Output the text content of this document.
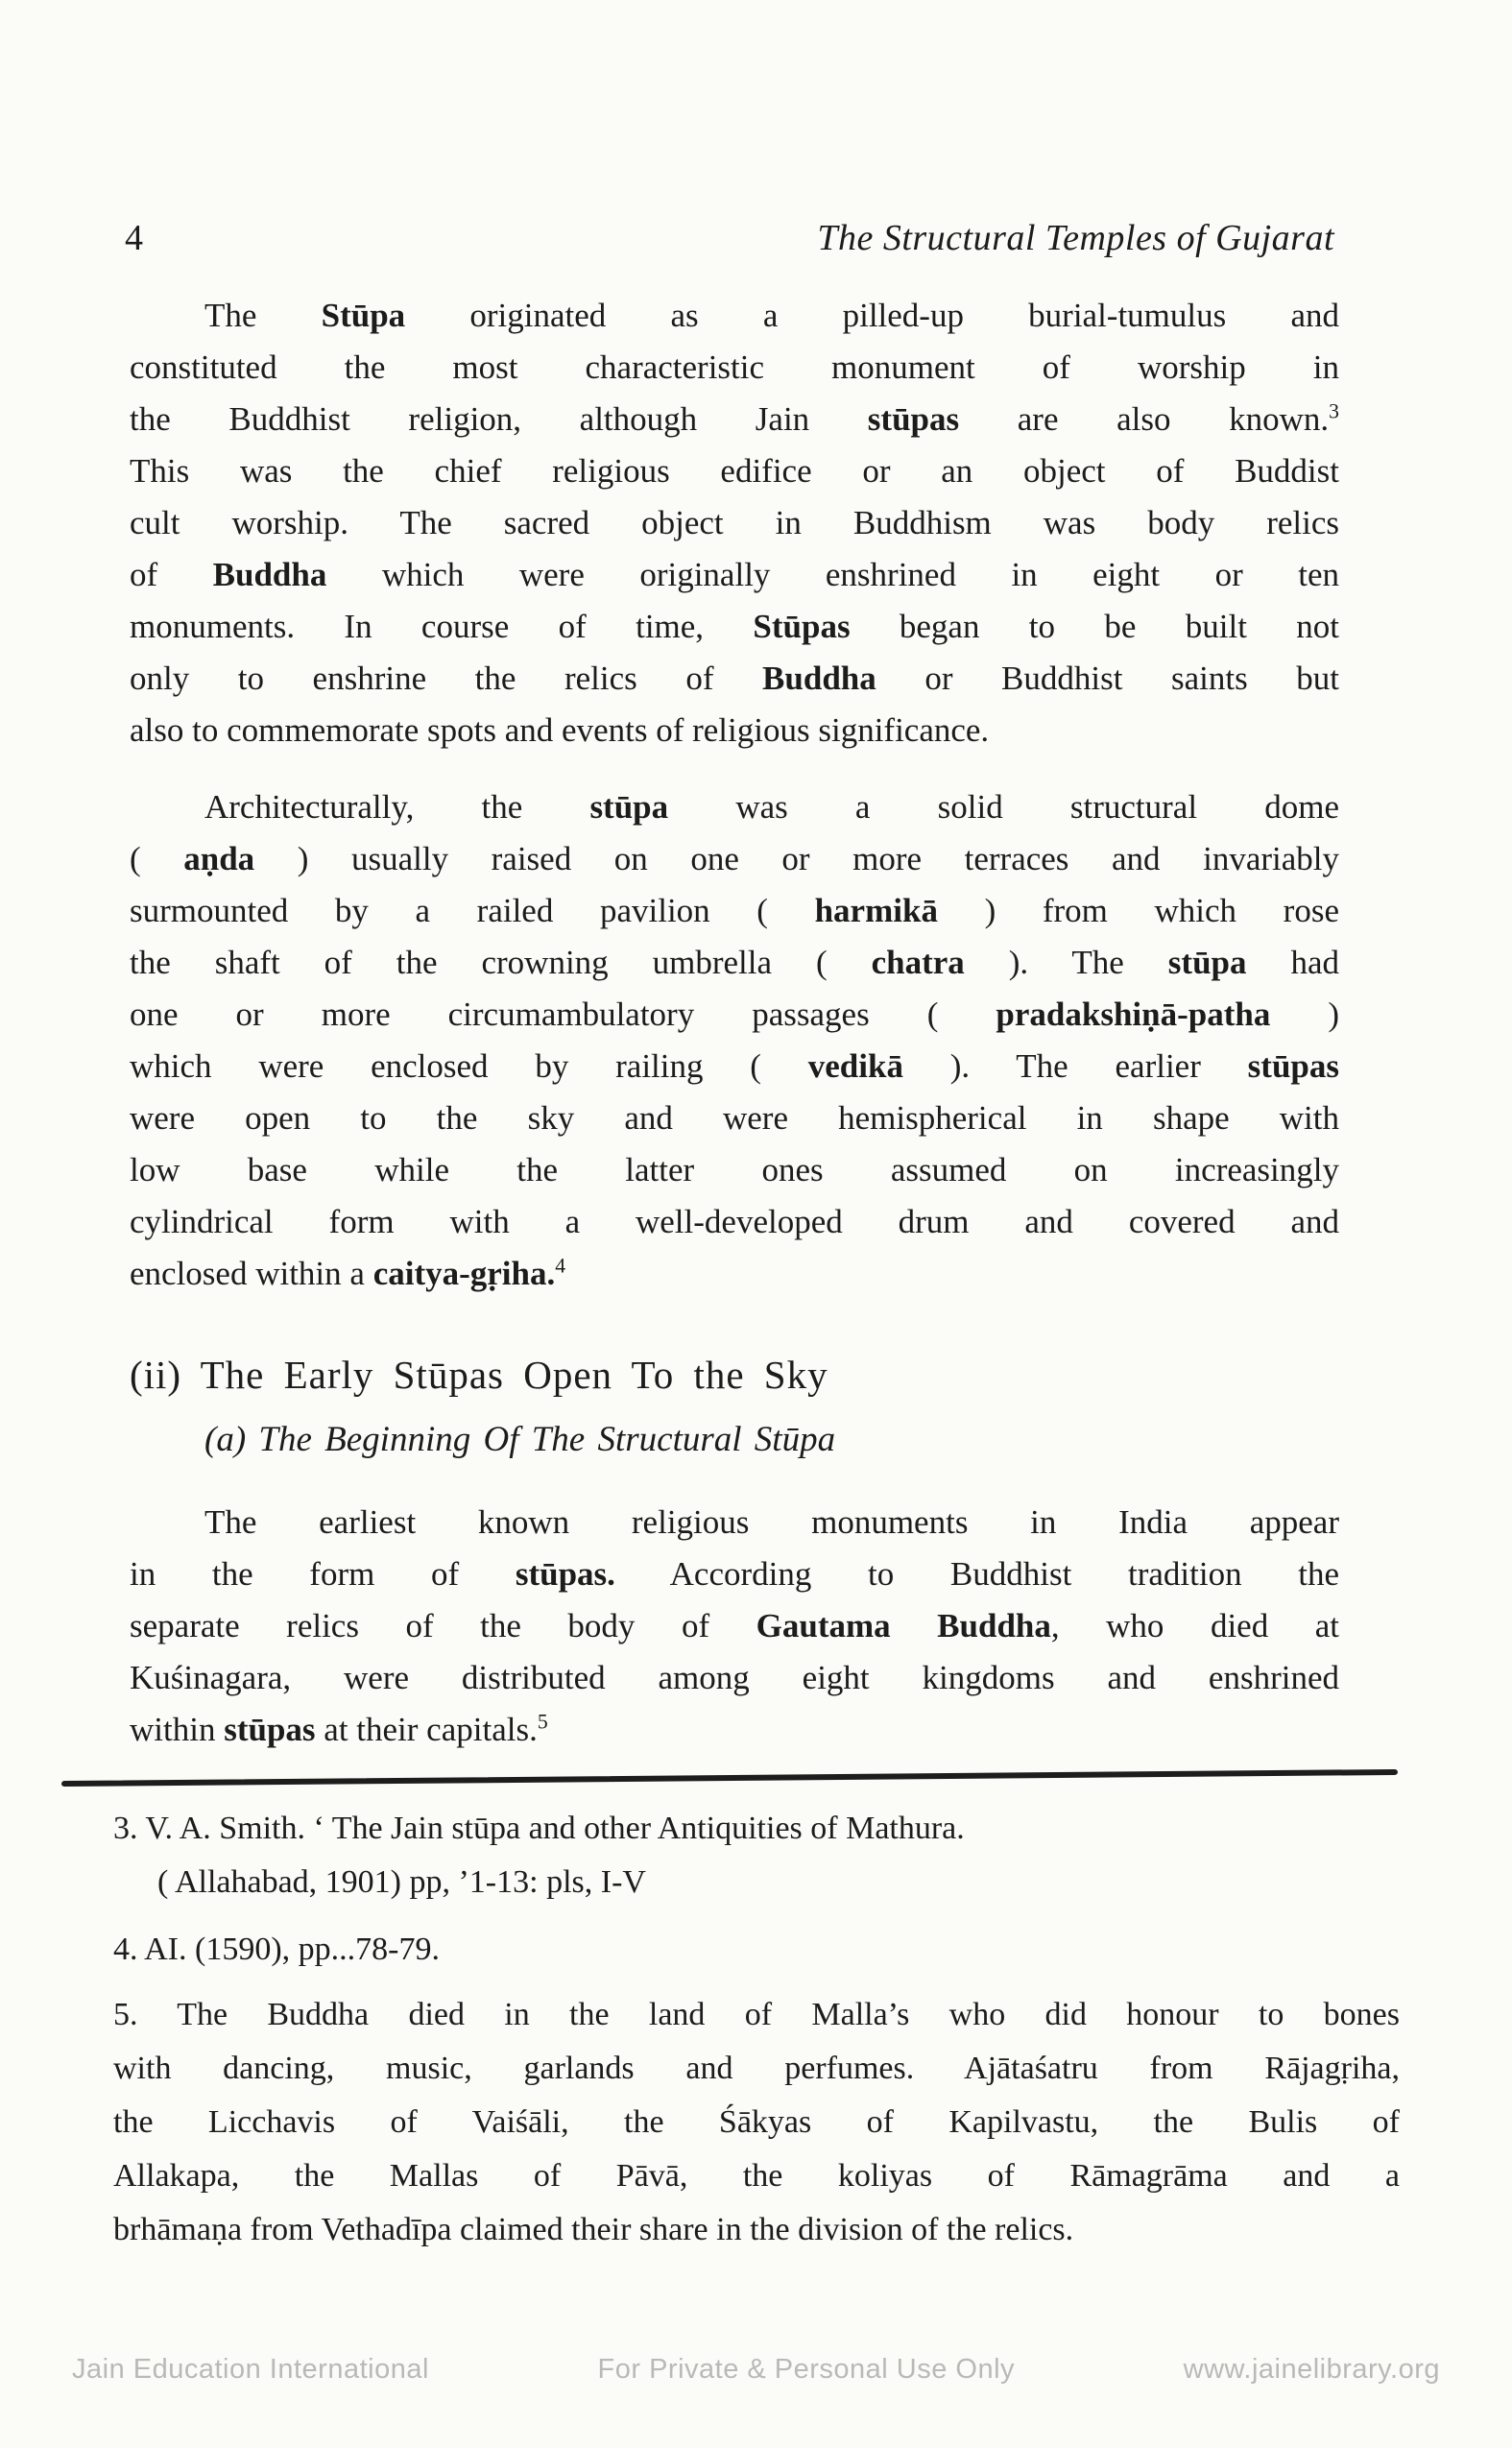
4	The Structural Temples of Gujarat
The Stūpa originated as a pilled-up burial-tumulus and
constituted the most characteristic monument of worship in
the Buddhist religion, although Jain stūpas are also known.$^3$
This was the chief religious edifice or an object of Buddist
cult worship. The sacred object in Buddhism was body relics
of Buddha which were originally enshrined in eight or ten
monuments. In course of time, Stūpas began to be built not
only to enshrine the relics of Buddha or Buddhist saints but
also to commemorate spots and events of religious significance.
Architecturally, the stūpa was a solid structural dome
( aṇda ) usually raised on one or more terraces and invariably
surmounted by a railed pavilion ( harmikā ) from which rose
the shaft of the crowning umbrella ( chatra ). The stūpa had
one or more circumambulatory passages ( pradakshiṇā-patha )
which were enclosed by railing ( vedikā ). The earlier stūpas
were open to the sky and were hemispherical in shape with
low base while the latter ones assumed on increasingly
cylindrical form with a well-developed drum and covered and
enclosed within a caitya-gṛiha.$^4$
(ii) The Early Stūpas Open To the Sky
(a) The Beginning Of The Structural Stūpa
The earliest known religious monuments in India appear
in the form of stūpas. According to Buddhist tradition the
separate relics of the body of Gautama Buddha, who died at
Kuśinagara, were distributed among eight kingdoms and enshrined
within stūpas at their capitals.$^5$
3. V. A. Smith. ‘ The Jain stūpa and other Antiquities of Mathura.
( Allahabad, 1901) pp, ’1-13: pls, I-V
4. AI. (1590), pp...78-79.
5. The Buddha died in the land of Malla’s who did honour to bones
with dancing, music, garlands and perfumes. Ajātaśatru from Rājagṛiha,
the Licchavis of Vaiśāli, the Śākyas of Kapilvastu, the Bulis of
Allakapa, the Mallas of Pāvā, the koliyas of Rāmagrāma and a
brhāmaṇa from Vethadīpa claimed their share in the division of the relics.
Jain Education International	For Private & Personal Use Only	www.jainelibrary.org
